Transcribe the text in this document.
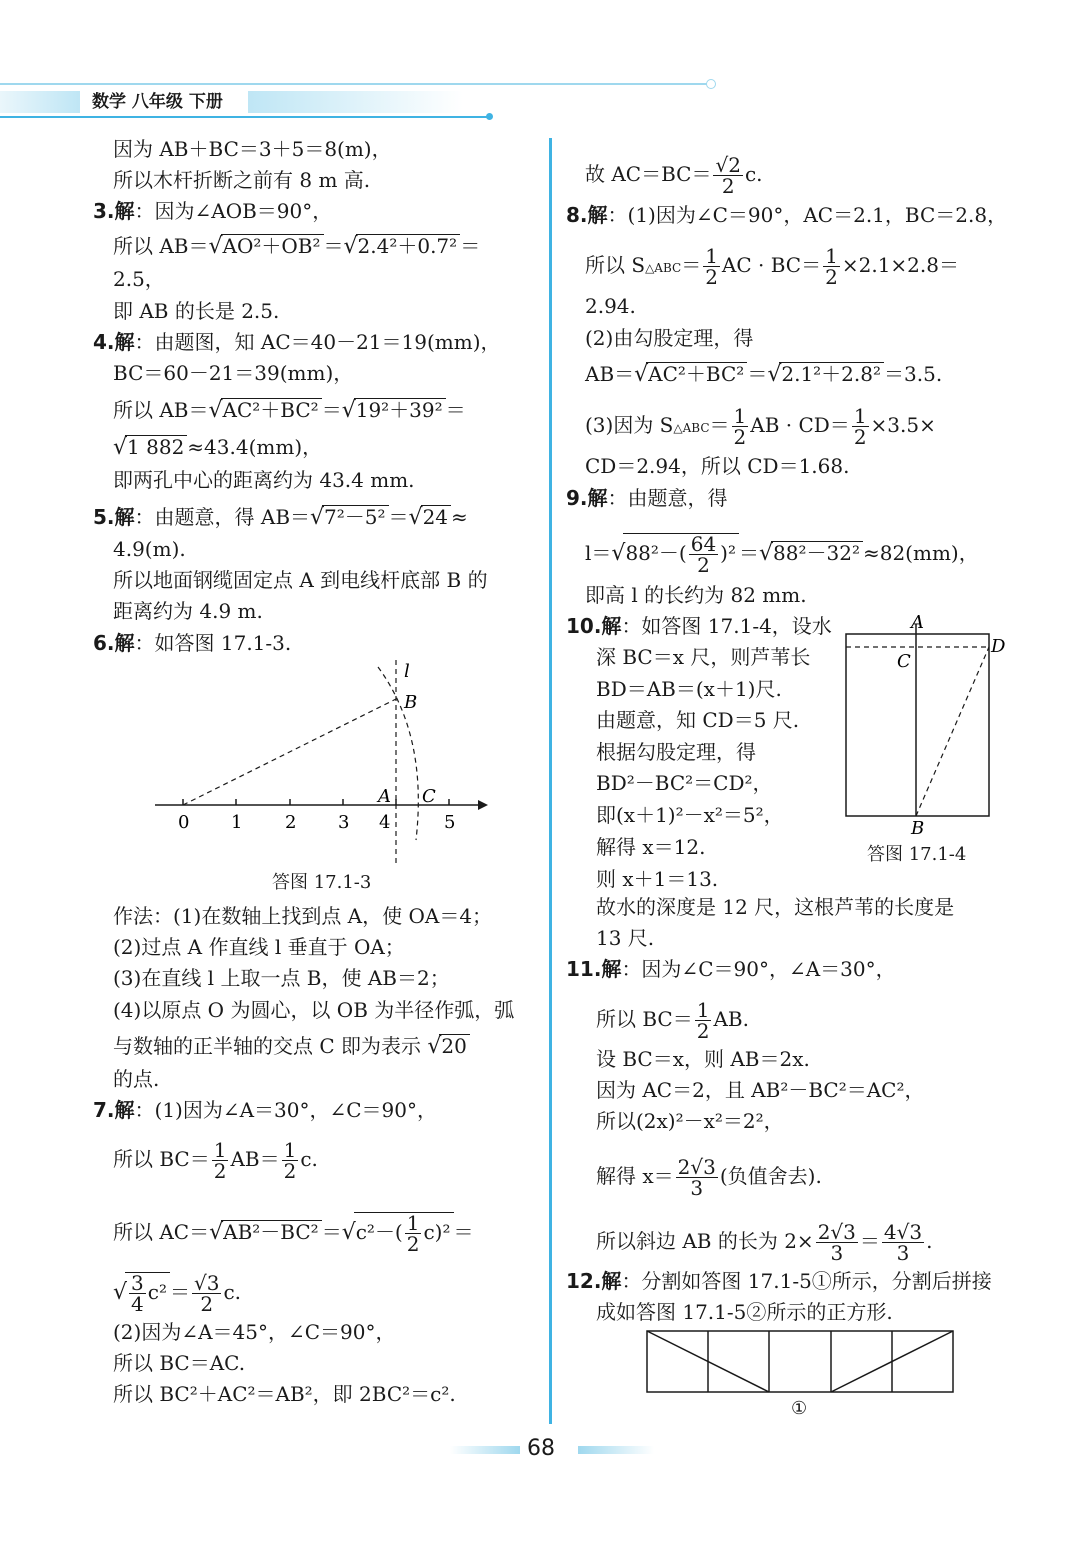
数学 八年级 下册

因为 AB＋BC＝3＋5＝8(m)，

所以木杆折断之前有 8 m 高.

3.解：因为∠AOB＝90°，

所以 AB＝√AO²＋OB² ＝√2.4²＋0.7² ＝

2.5，

即 AB 的长是 2.5.

4.解：由题图，知 AC＝40－21＝19(mm)，

BC＝60－21＝39(mm)，

所以 AB＝√AC²＋BC² ＝√19²＋39² ＝

√1 882 ≈43.4(mm)，

即两孔中心的距离约为 43.4 mm.

5.解：由题意，得 AB＝√7²－5² ＝√24 ≈

4.9(m).

所以地面钢缆固定点 A 到电线杆底部 B 的

距离约为 4.9 m.

6.解：如答图 17.1-3.

0 1 2 3 4	5
l
B
A C
答图 17.1-3

作法：(1)在数轴上找到点 A，使 OA＝4；

(2)过点 A 作直线 l 垂直于 OA；

(3)在直线 l 上取一点 B，使 AB＝2；

(4)以原点 O 为圆心，以 OB 为半径作弧，弧

与数轴的正半轴的交点 C 即为表示 √20

的点.

7.解：(1)因为∠A＝30°，∠C＝90°，

所以 $BC= \frac{1}{2} AB= \frac{1}{2} c$.

所以 $AC=√AB^2-BC^2 =√c^2-( \frac{1}{2} c)^2$ ＝

√ $\frac{3}{4} c^2 = \frac{√3}{2} c$.

(2)因为∠A＝45°，∠C＝90°，

所以 BC＝AC.

所以 BC²＋AC²＝AB²，即 2BC²＝c².

故 $AC=BC= \frac{√2}{2} c$.

8.解：(1)因为∠C＝90°，AC＝2.1，BC＝2.8，

所以 S△ABC＝ $\frac{1}{2}$ AC · $BC= \frac{1}{2} \times 2.1\times 2.8=$

2.94.

(2)由勾股定理，得

AB＝√AC²＋BC² ＝√2.1²＋2.8² ＝3.5.

(3)因为 S△ABC＝ $\frac{1}{2}$ AB · $CD= \frac{1}{2} \times 3.5\times$

CD＝2.94，所以 CD＝1.68.

9.解：由题意，得

$l=√88^2-( \frac{64}{2} )^2 =√88^2-32^2 \approx 82(mm)$，

即高 l 的长约为 82 mm.

10.解：如答图 17.1-4，设水

深 BC＝x 尺，则芦苇长

BD＝AB＝(x＋1)尺.

由题意，知 CD＝5 尺.

根据勾股定理，得

BD²－BC²＝CD²，

即(x＋1)²－x²＝5²，

解得 x＝12.

则 x＋1＝13.

故水的深度是 12 尺，这根芦苇的长度是

13 尺.

A
C
D
B
答图 17.1-4

11.解：因为∠C＝90°，∠A＝30°，

所以 $BC= \frac{1}{2}$ AB.

设 BC＝x，则 AB＝2x.

因为 AC＝2，且 AB²－BC²＝AC²，

所以(2x)²－x²＝2²，

解得 $x= \frac{2√3}{3}$ (负值舍去).

所以斜边 AB 的长为 $2\times \frac{2√3}{3} = \frac{4√3}{3}$ .

12.解：分割如答图 17.1-5①所示，分割后拼接

成如答图 17.1-5②所示的正方形.

①
68
